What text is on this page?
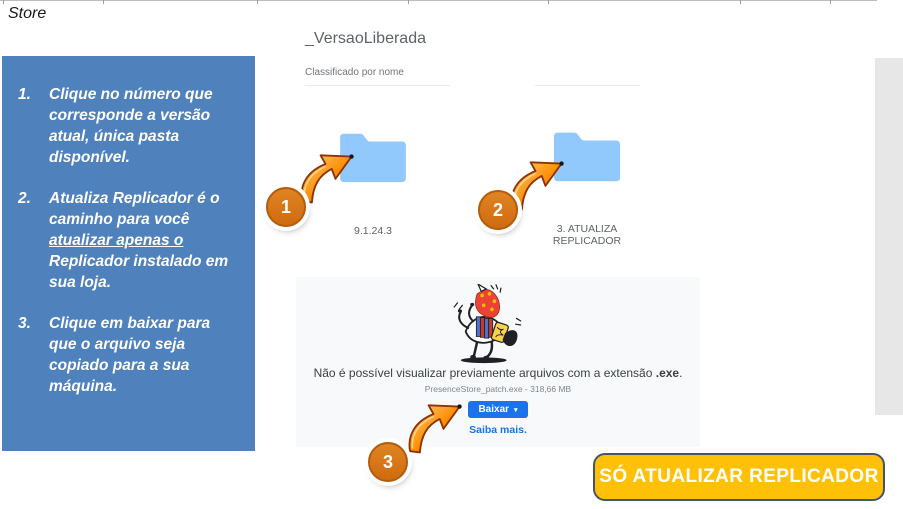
Store
1.	Clique no número que corresponde a versão atual, única pasta disponível.
2.	Atualiza Replicador é o caminho para você atualizar apenas o Replicador instalado em sua loja.
3.	Clique em baixar para que o arquivo seja copiado para a sua máquina.
_VersaoLiberada
Classificado por nome
9.1.24.3	3. ATUALIZA REPLICADOR
Não é possível visualizar previamente arquivos com a extensão .exe.
PresenceStore_patch.exe - 318,66 MB
Baixar ▾
Saiba mais.
1	2
3
SÓ ATUALIZAR REPLICADOR
